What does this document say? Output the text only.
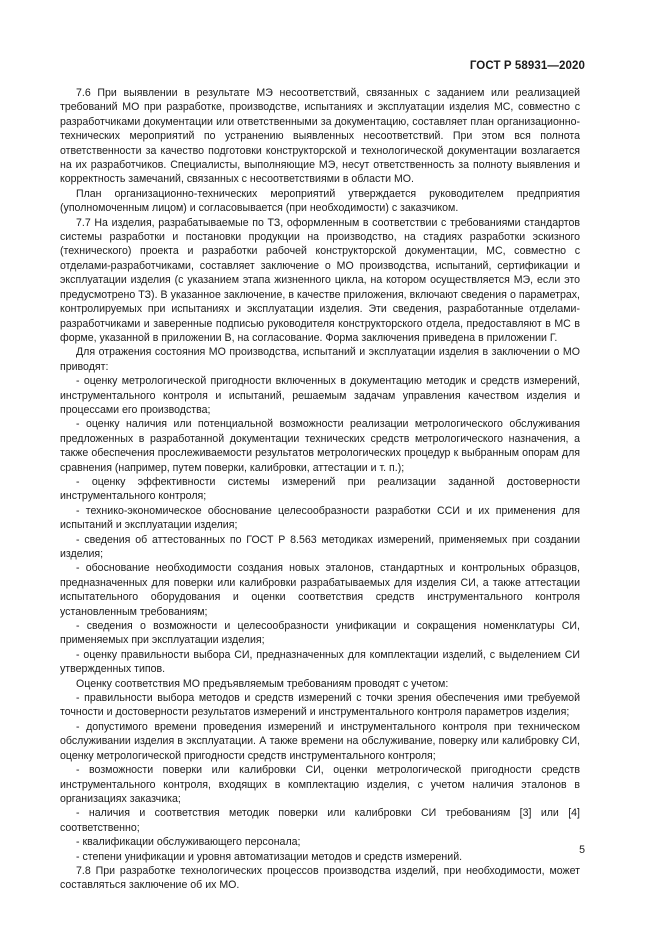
ГОСТ Р 58931—2020

7.6 При выявлении в результате МЭ несоответствий, связанных с заданием или реализацией требований МО при разработке, производстве, испытаниях и эксплуатации изделия МС, совместно с разработчиками документации или ответственными за документацию, составляет план организационно-технических мероприятий по устранению выявленных несоответствий. При этом вся полнота ответственности за качество подготовки конструкторской и технологической документации возлагается на их разработчиков. Специалисты, выполняющие МЭ, несут ответственность за полноту выявления и корректность замечаний, связанных с несоответствиями в области МО.

План организационно-технических мероприятий утверждается руководителем предприятия (уполномоченным лицом) и согласовывается (при необходимости) с заказчиком.

7.7 На изделия, разрабатываемые по ТЗ, оформленным в соответствии с требованиями стандартов системы разработки и постановки продукции на производство, на стадиях разработки эскизного (технического) проекта и разработки рабочей конструкторской документации, МС, совместно с отделами-разработчиками, составляет заключение о МО производства, испытаний, сертификации и эксплуатации изделия (с указанием этапа жизненного цикла, на котором осуществляется МЭ, если это предусмотрено ТЗ). В указанное заключение, в качестве приложения, включают сведения о параметрах, контролируемых при испытаниях и эксплуатации изделия. Эти сведения, разработанные отделами-разработчиками и заверенные подписью руководителя конструкторского отдела, предоставляют в МС в форме, указанной в приложении В, на согласование. Форма заключения приведена в приложении Г.

Для отражения состояния МО производства, испытаний и эксплуатации изделия в заключении о МО приводят:

- оценку метрологической пригодности включенных в документацию методик и средств измерений, инструментального контроля и испытаний, решаемым задачам управления качеством изделия и процессами его производства;

- оценку наличия или потенциальной возможности реализации метрологического обслуживания предложенных в разработанной документации технических средств метрологического назначения, а также обеспечения прослеживаемости результатов метрологических процедур к выбранным опорам для сравнения (например, путем поверки, калибровки, аттестации и т. п.);

- оценку эффективности системы измерений при реализации заданной достоверности инструментального контроля;

- технико-экономическое обоснование целесообразности разработки ССИ и их применения для испытаний и эксплуатации изделия;

- сведения об аттестованных по ГОСТ Р 8.563 методиках измерений, применяемых при создании изделия;

- обоснование необходимости создания новых эталонов, стандартных и контрольных образцов, предназначенных для поверки или калибровки разрабатываемых для изделия СИ, а также аттестации испытательного оборудования и оценки соответствия средств инструментального контроля установленным требованиям;

- сведения о возможности и целесообразности унификации и сокращения номенклатуры СИ, применяемых при эксплуатации изделия;

- оценку правильности выбора СИ, предназначенных для комплектации изделий, с выделением СИ утвержденных типов.

Оценку соответствия МО предъявляемым требованиям проводят с учетом:

- правильности выбора методов и средств измерений с точки зрения обеспечения ими требуемой точности и достоверности результатов измерений и инструментального контроля параметров изделия;

- допустимого времени проведения измерений и инструментального контроля при техническом обслуживании изделия в эксплуатации. А также времени на обслуживание, поверку или калибровку СИ, оценку метрологической пригодности средств инструментального контроля;

- возможности поверки или калибровки СИ, оценки метрологической пригодности средств инструментального контроля, входящих в комплектацию изделия, с учетом наличия эталонов в организациях заказчика;

- наличия и соответствия методик поверки или калибровки СИ требованиям [3] или [4] соответственно;

- квалификации обслуживающего персонала;

- степени унификации и уровня автоматизации методов и средств измерений.

7.8 При разработке технологических процессов производства изделий, при необходимости, может составляться заключение об их МО.

5
